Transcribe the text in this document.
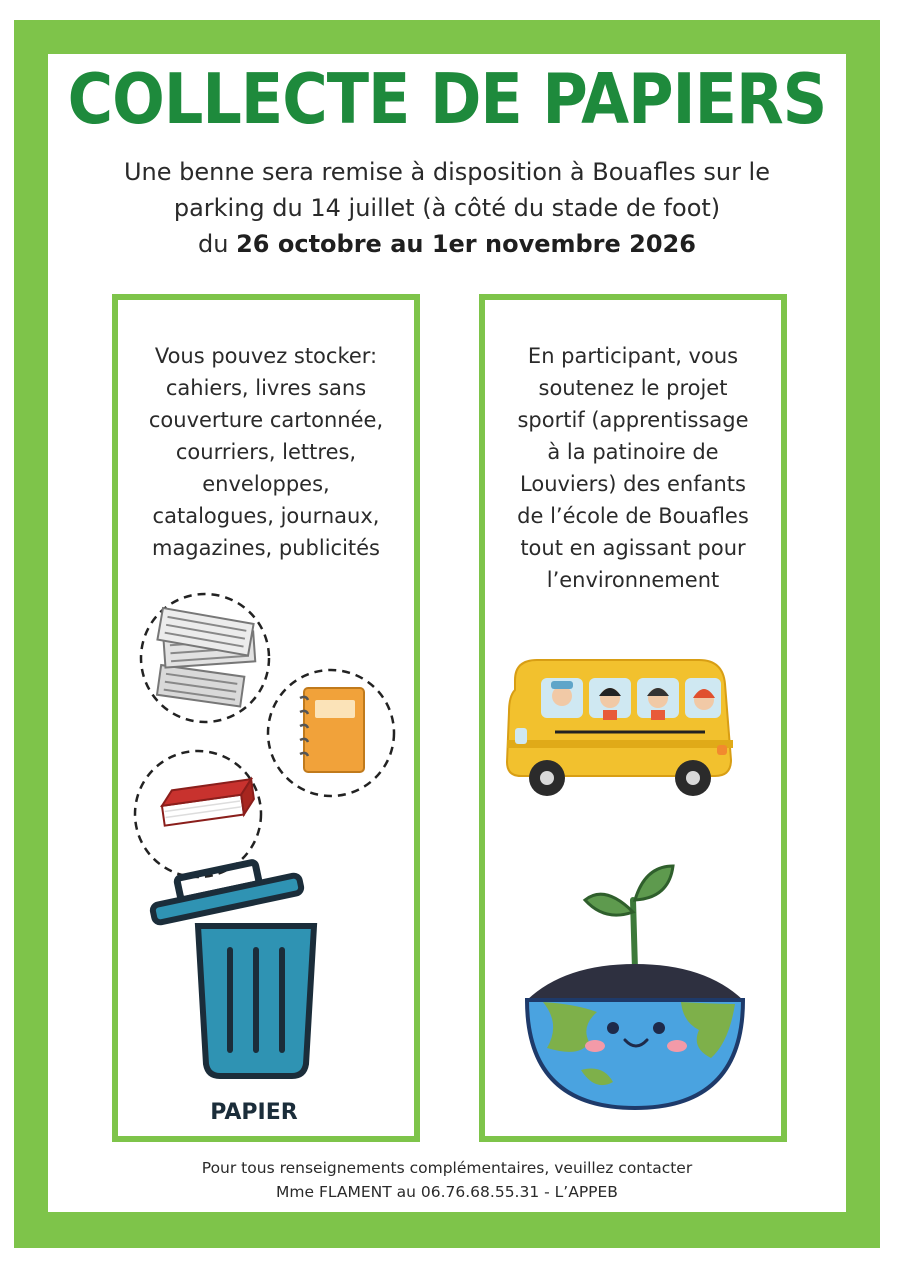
COLLECTE DE PAPIERS
Une benne sera remise à disposition à Bouafles sur le
parking du 14 juillet (à côté du stade de foot)
du 26 octobre au 1er novembre 2026
Vous pouvez stocker:
cahiers, livres sans
couverture cartonnée,
courriers, lettres,
enveloppes,
catalogues, journaux,
magazines, publicités
PAPIER
En participant, vous
soutenez le projet
sportif (apprentissage
à la patinoire de
Louviers) des enfants
de l’école de Bouafles
tout en agissant pour
l’environnement
Pour tous renseignements complémentaires, veuillez contacter
Mme FLAMENT au 06.76.68.55.31 - L’APPEB
